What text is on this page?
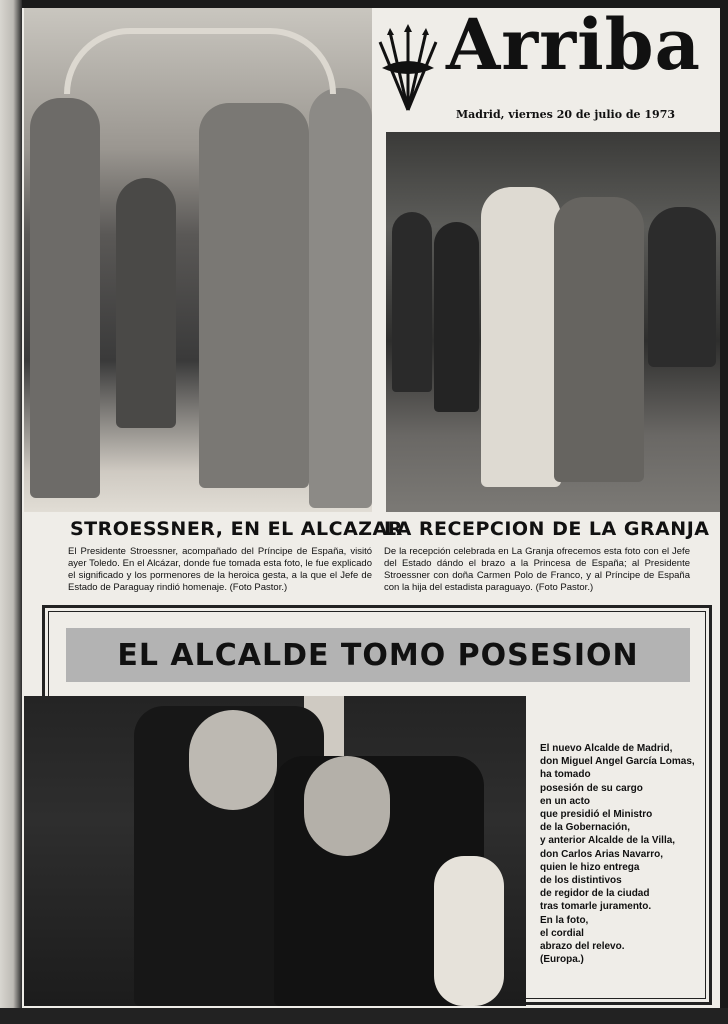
Arriba
Madrid, viernes 20 de julio de 1973
STROESSNER, EN EL ALCAZAR
LA RECEPCION DE LA GRANJA
El Presidente Stroessner, acompañado del Príncipe de España, visitó ayer Toledo. En el Alcázar, donde fue tomada esta foto, le fue explicado el significado y los pormenores de la heroica gesta, a la que el Jefe de Estado de Paraguay rindió homenaje. (Foto Pastor.)
De la recepción celebrada en La Granja ofrecemos esta foto con el Jefe del Estado dándo el brazo a la Princesa de España; al Presidente Stroessner con doña Carmen Polo de Franco, y al Príncipe de España con la hija del estadista paraguayo. (Foto Pastor.)
EL ALCALDE TOMO POSESION
El nuevo Alcalde de Madrid,
don Miguel Angel García Lomas,
ha tomado
posesión de su cargo
en un acto
que presidió el Ministro
de la Gobernación,
y anterior Alcalde de la Villa,
don Carlos Arias Navarro,
quien le hizo entrega
de los distintivos
de regidor de la ciudad
tras tomarle juramento.
En la foto,
el cordial
abrazo del relevo.
(Europa.)
